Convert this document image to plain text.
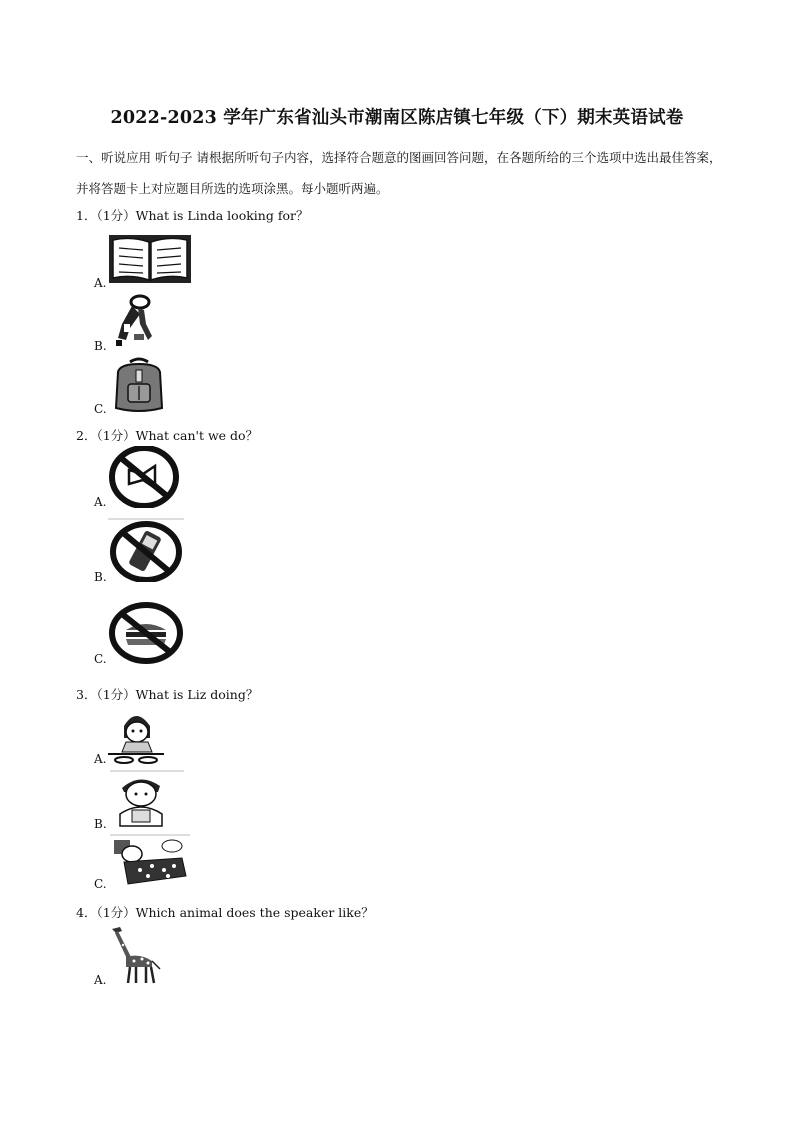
2022-2023 学年广东省汕头市潮南区陈店镇七年级（下）期末英语试卷
一、听说应用 听句子 请根据所听句子内容，选择符合题意的图画回答问题，在各题所给的三个选项中选出最佳答案，并将答题卡上对应题目所选的选项涂黑。每小题听两遍。
1．（1分）What is Linda looking for？
A.
B.
C.
2．（1分）What can't we do？
A.
B.
C.
3．（1分）What is Liz doing？
A.
B.
C.
4．（1分）Which animal does the speaker like？
A.
